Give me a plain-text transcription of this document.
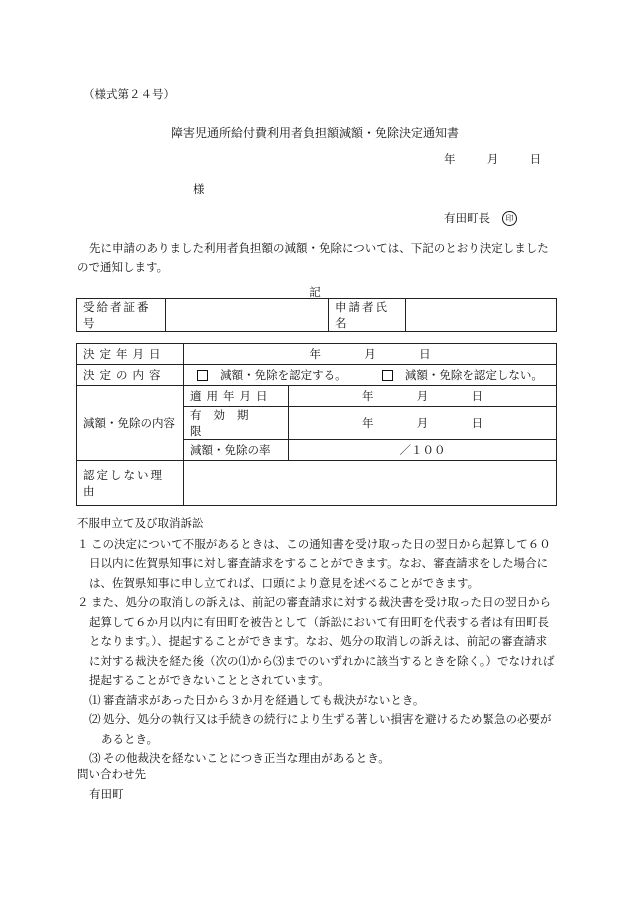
（様式第２４号）
障害児通所給付費利用者負担額減額・免除決定通知書
年	月	日
様
有田町長 印
先に申請のありました利用者負担額の減額・免除については、下記のとおり決定しましたので通知します。
記
受給者証番号		申請者氏名	
決定年月日	年 月 日	
決定の内容	減額・免除を認定する。 減額・免除を認定しない。	
減額・免除の内容	適用年月日	年 月 日
	有効期限	年 月 日
	減額・免除の率	／１００
認定しない理由		

不服申立て及び取消訴訟

１ この決定について不服があるときは、この通知書を受け取った日の翌日から起算して６０日以内に佐賀県知事に対し審査請求をすることができます。なお、審査請求をした場合には、佐賀県知事に申し立てれば、口頭により意見を述べることができます。

２ また、処分の取消しの訴えは、前記の審査請求に対する裁決書を受け取った日の翌日から起算して６か月以内に有田町を被告として（訴訟において有田町を代表する者は有田町長となります。）、提起することができます。なお、処分の取消しの訴えは、前記の審査請求に対する裁決を経た後（次の⑴から⑶までのいずれかに該当するときを除く。）でなければ提起することができないこととされています。

⑴ 審査請求があった日から３か月を経過しても裁決がないとき。

⑵ 処分、処分の執行又は手続きの続行により生ずる著しい損害を避けるため緊急の必要があるとき。

⑶ その他裁決を経ないことにつき正当な理由があるとき。

問い合わせ先
有田町
